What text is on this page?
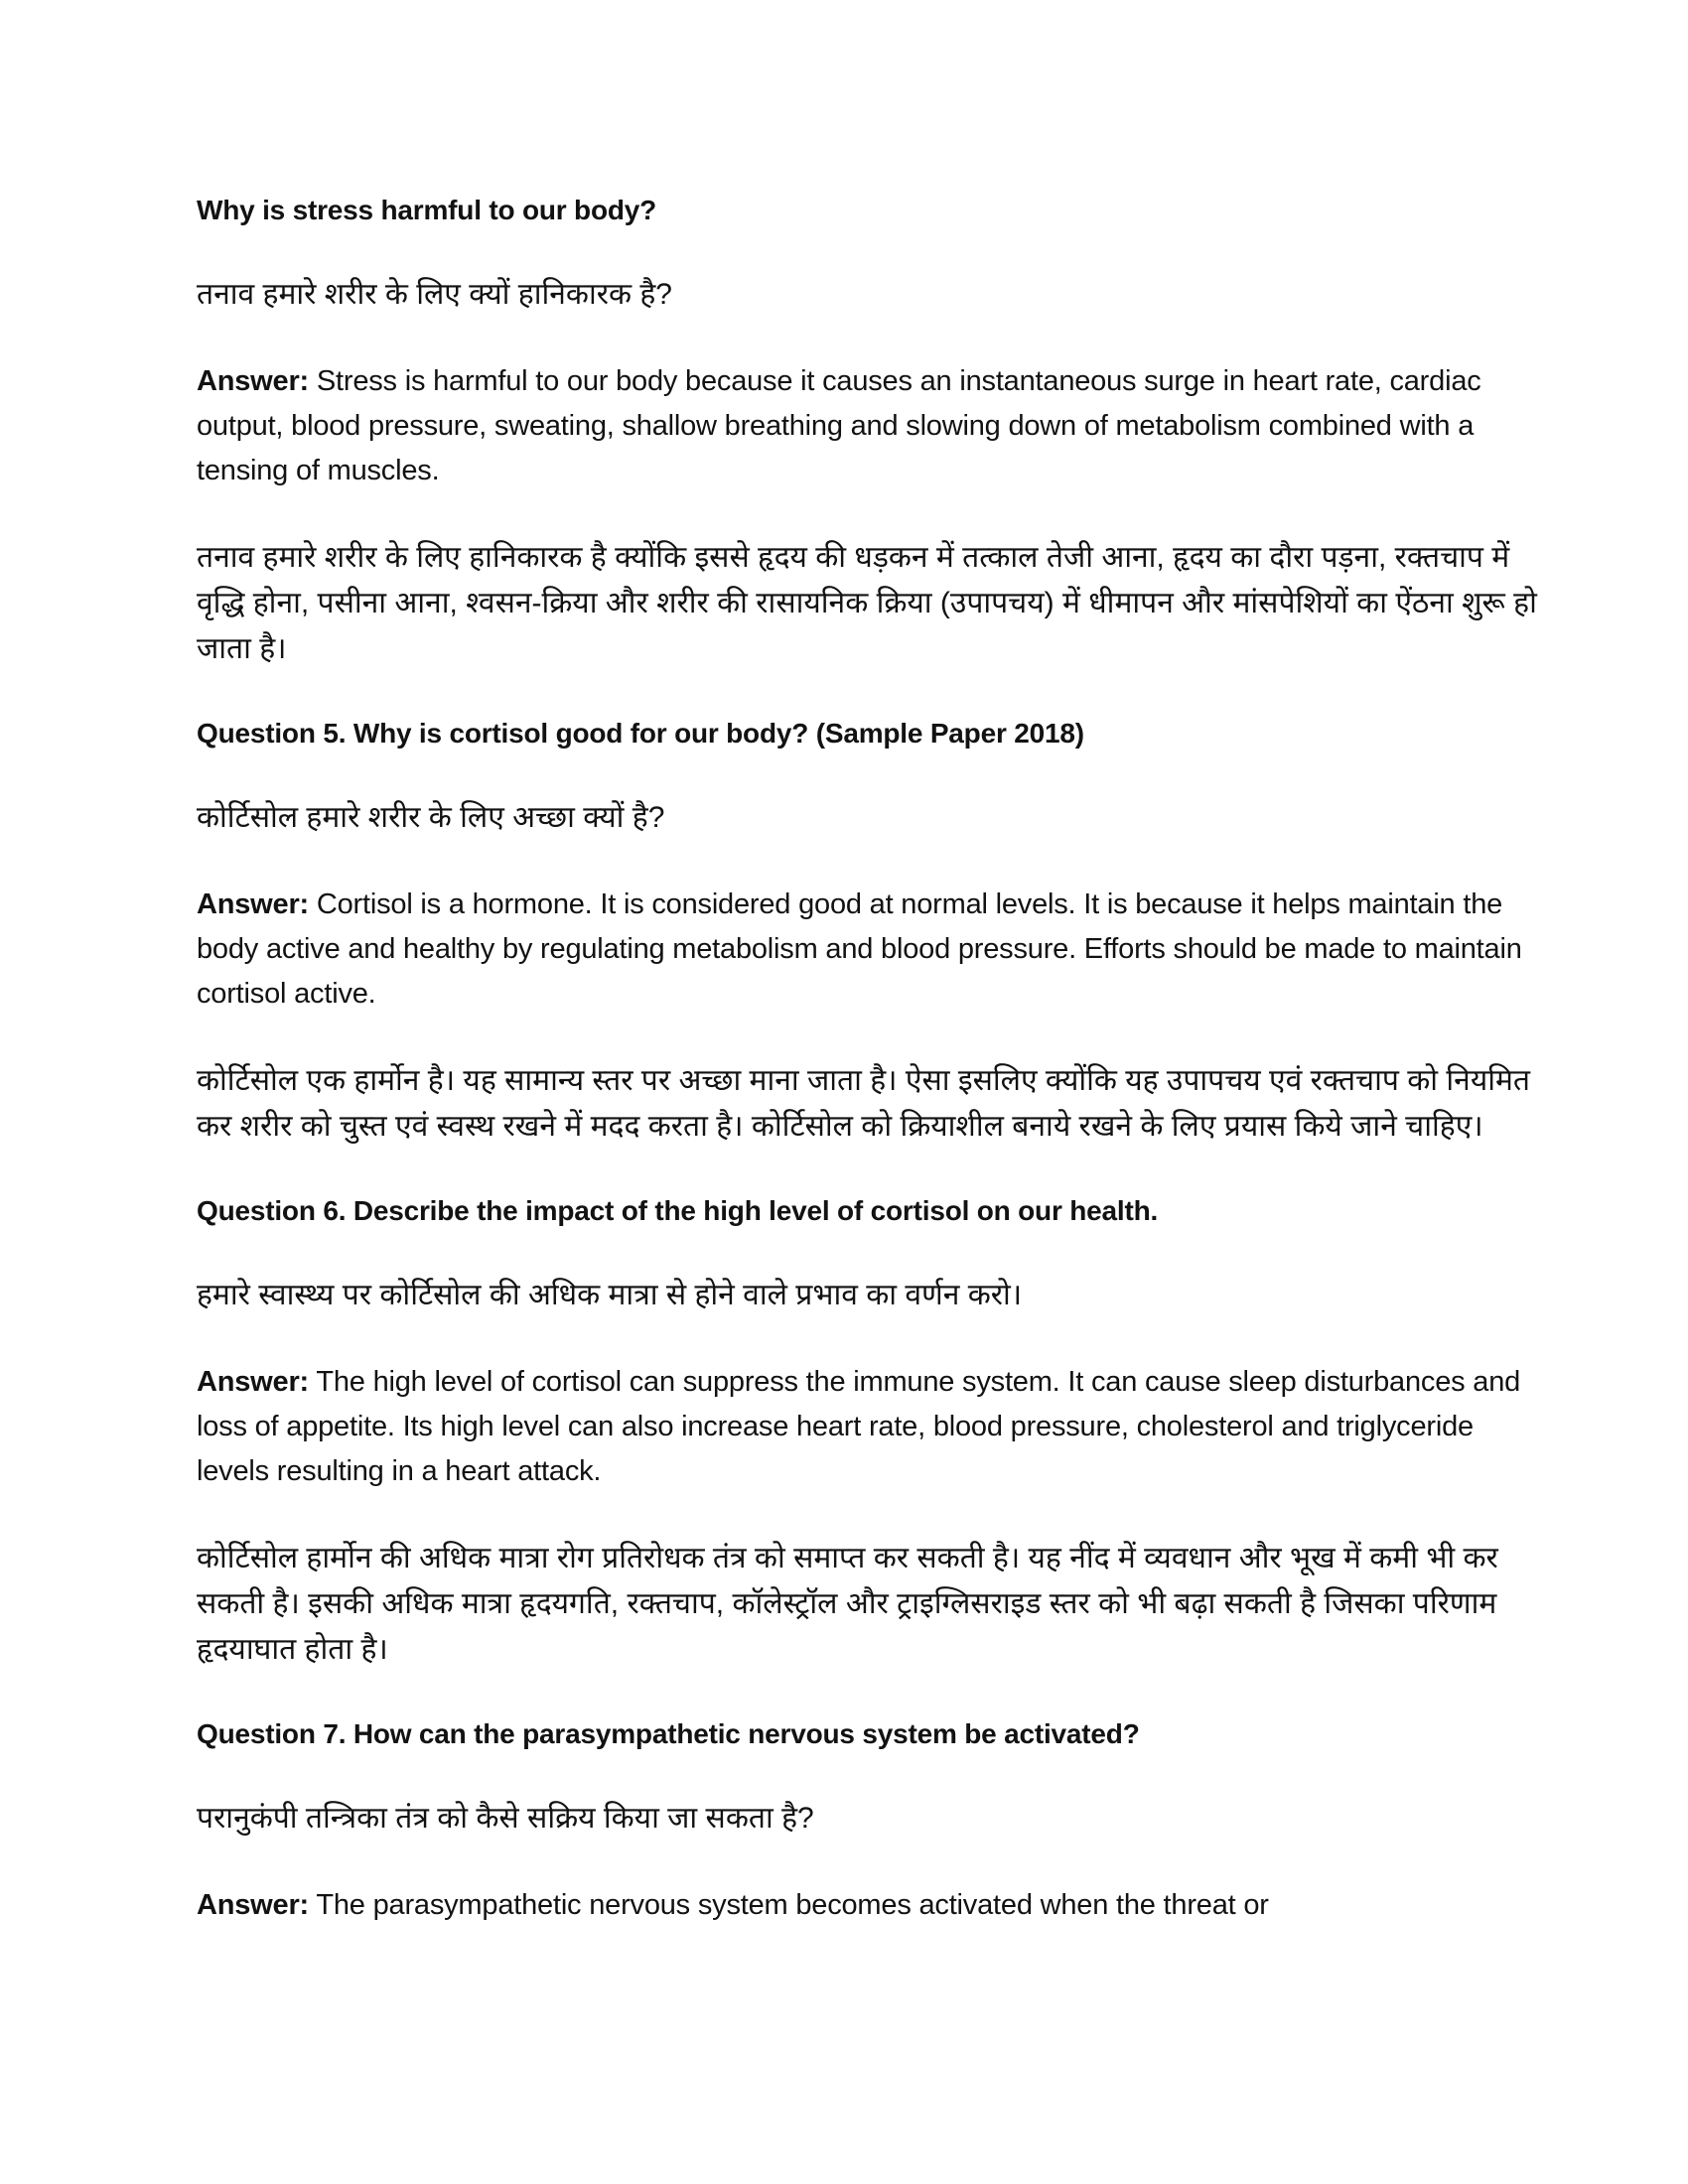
Why is stress harmful to our body?

तनाव हमारे शरीर के लिए क्यों हानिकारक है?

Answer: Stress is harmful to our body because it causes an instantaneous surge in heart rate, cardiac output, blood pressure, sweating, shallow breathing and slowing down of metabolism combined with a tensing of muscles.

तनाव हमारे शरीर के लिए हानिकारक है क्योंकि इससे हृदय की धड़कन में तत्काल तेजी आना, हृदय का दौरा पड़ना, रक्तचाप में वृद्धि होना, पसीना आना, श्वसन-क्रिया और शरीर की रासायनिक क्रिया (उपापचय) में धीमापन और मांसपेशियों का ऐंठना शुरू हो जाता है।

Question 5. Why is cortisol good for our body? (Sample Paper 2018)

कोर्टिसोल हमारे शरीर के लिए अच्छा क्यों है?

Answer: Cortisol is a hormone. It is considered good at normal levels. It is because it helps maintain the body active and healthy by regulating metabolism and blood pressure. Efforts should be made to maintain cortisol active.

कोर्टिसोल एक हार्मोन है। यह सामान्य स्तर पर अच्छा माना जाता है। ऐसा इसलिए क्योंकि यह उपापचय एवं रक्तचाप को नियमित कर शरीर को चुस्त एवं स्वस्थ रखने में मदद करता है। कोर्टिसोल को क्रियाशील बनाये रखने के लिए प्रयास किये जाने चाहिए।

Question 6. Describe the impact of the high level of cortisol on our health.

हमारे स्वास्थ्य पर कोर्टिसोल की अधिक मात्रा से होने वाले प्रभाव का वर्णन करो।

Answer: The high level of cortisol can suppress the immune system. It can cause sleep disturbances and loss of appetite. Its high level can also increase heart rate, blood pressure, cholesterol and triglyceride levels resulting in a heart attack.

कोर्टिसोल हार्मोन की अधिक मात्रा रोग प्रतिरोधक तंत्र को समाप्त कर सकती है। यह नींद में व्यवधान और भूख में कमी भी कर सकती है। इसकी अधिक मात्रा हृदयगति, रक्तचाप, कॉलेस्ट्रॉल और ट्राइग्लिसराइड स्तर को भी बढ़ा सकती है जिसका परिणाम हृदयाघात होता है।

Question 7. How can the parasympathetic nervous system be activated?

परानुकंपी तन्त्रिका तंत्र को कैसे सक्रिय किया जा सकता है?

Answer: The parasympathetic nervous system becomes activated when the threat or
